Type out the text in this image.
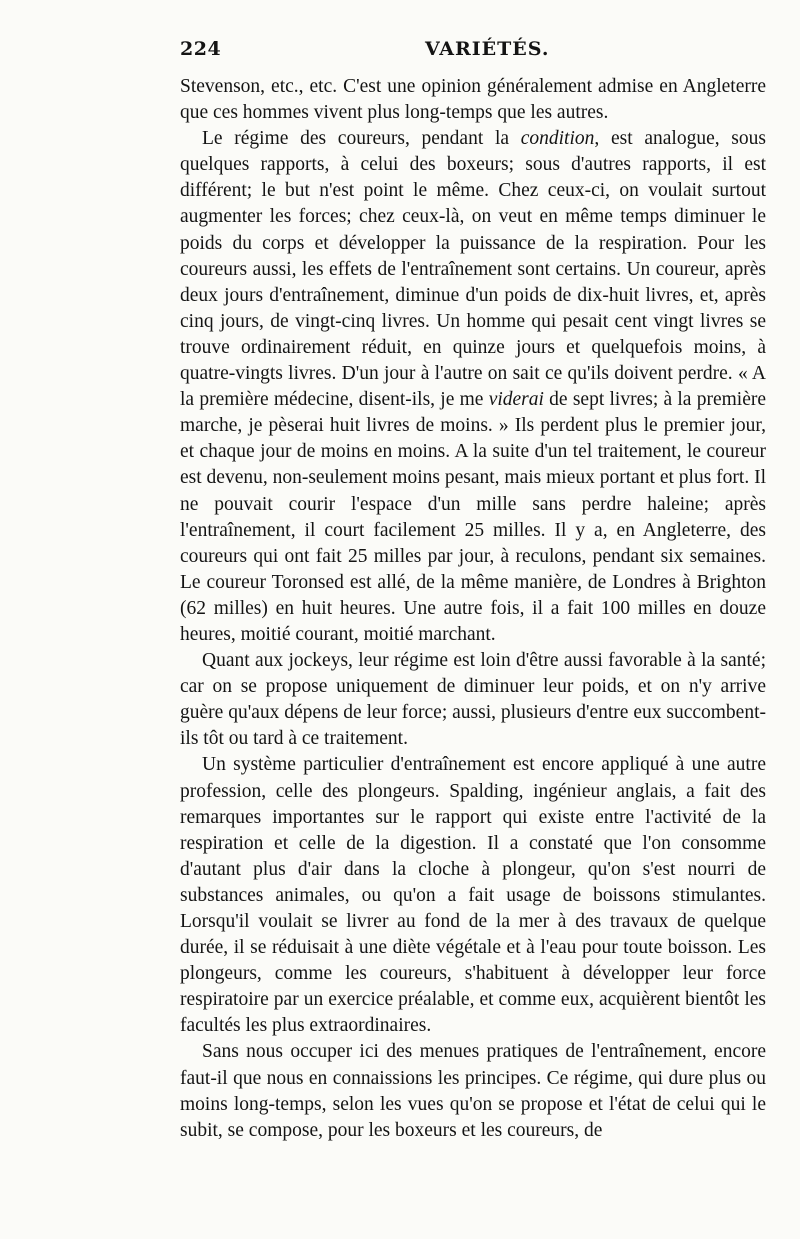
224	VARIÉTÉS.

Stevenson, etc., etc. C'est une opinion généralement admise en Angleterre que ces hommes vivent plus long-temps que les autres.

Le régime des coureurs, pendant la condition, est analogue, sous quelques rapports, à celui des boxeurs; sous d'autres rapports, il est différent; le but n'est point le même. Chez ceux-ci, on voulait surtout augmenter les forces; chez ceux-là, on veut en même temps diminuer le poids du corps et développer la puissance de la respiration. Pour les coureurs aussi, les effets de l'entraînement sont certains. Un coureur, après deux jours d'entraînement, diminue d'un poids de dix-huit livres, et, après cinq jours, de vingt-cinq livres. Un homme qui pesait cent vingt livres se trouve ordinairement réduit, en quinze jours et quelquefois moins, à quatre-vingts livres. D'un jour à l'autre on sait ce qu'ils doivent perdre. « A la première médecine, disent-ils, je me viderai de sept livres; à la première marche, je pèserai huit livres de moins. » Ils perdent plus le premier jour, et chaque jour de moins en moins. A la suite d'un tel traitement, le coureur est devenu, non-seulement moins pesant, mais mieux portant et plus fort. Il ne pouvait courir l'espace d'un mille sans perdre haleine; après l'entraînement, il court facilement 25 milles. Il y a, en Angleterre, des coureurs qui ont fait 25 milles par jour, à reculons, pendant six semaines. Le coureur Toronsed est allé, de la même manière, de Londres à Brighton (62 milles) en huit heures. Une autre fois, il a fait 100 milles en douze heures, moitié courant, moitié marchant.

Quant aux jockeys, leur régime est loin d'être aussi favorable à la santé; car on se propose uniquement de diminuer leur poids, et on n'y arrive guère qu'aux dépens de leur force; aussi, plusieurs d'entre eux succombent-ils tôt ou tard à ce traitement.

Un système particulier d'entraînement est encore appliqué à une autre profession, celle des plongeurs. Spalding, ingénieur anglais, a fait des remarques importantes sur le rapport qui existe entre l'activité de la respiration et celle de la digestion. Il a constaté que l'on consomme d'autant plus d'air dans la cloche à plongeur, qu'on s'est nourri de substances animales, ou qu'on a fait usage de boissons stimulantes. Lorsqu'il voulait se livrer au fond de la mer à des travaux de quelque durée, il se réduisait à une diète végétale et à l'eau pour toute boisson. Les plongeurs, comme les coureurs, s'habituent à développer leur force respiratoire par un exercice préalable, et comme eux, acquièrent bientôt les facultés les plus extraordinaires.

Sans nous occuper ici des menues pratiques de l'entraînement, encore faut-il que nous en connaissions les principes. Ce régime, qui dure plus ou moins long-temps, selon les vues qu'on se propose et l'état de celui qui le subit, se compose, pour les boxeurs et les coureurs, de
